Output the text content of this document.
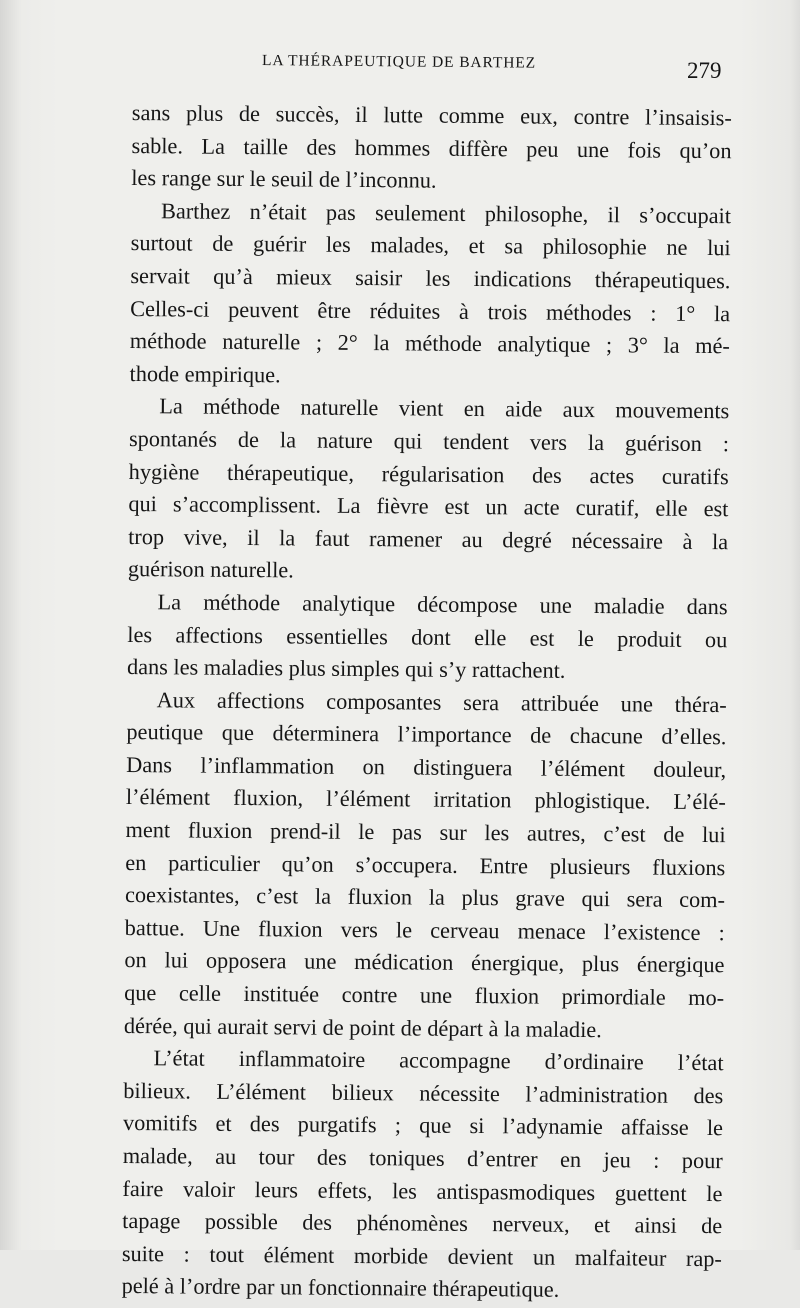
LA THÉRAPEUTIQUE DE BARTHEZ	279
sans plus de succès, il lutte comme eux, contre l’insaisis-
sable. La taille des hommes diffère peu une fois qu’on
les range sur le seuil de l’inconnu.
Barthez n’était pas seulement philosophe, il s’occupait
surtout de guérir les malades, et sa philosophie ne lui
servait qu’à mieux saisir les indications thérapeutiques.
Celles-ci peuvent être réduites à trois méthodes : 1° la
méthode naturelle ; 2° la méthode analytique ; 3° la mé-
thode empirique.
La méthode naturelle vient en aide aux mouvements
spontanés de la nature qui tendent vers la guérison :
hygiène thérapeutique, régularisation des actes curatifs
qui s’accomplissent. La fièvre est un acte curatif, elle est
trop vive, il la faut ramener au degré nécessaire à la
guérison naturelle.
La méthode analytique décompose une maladie dans
les affections essentielles dont elle est le produit ou
dans les maladies plus simples qui s’y rattachent.
Aux affections composantes sera attribuée une théra-
peutique que déterminera l’importance de chacune d’elles.
Dans l’inflammation on distinguera l’élément douleur,
l’élément fluxion, l’élément irritation phlogistique. L’élé-
ment fluxion prend-il le pas sur les autres, c’est de lui
en particulier qu’on s’occupera. Entre plusieurs fluxions
coexistantes, c’est la fluxion la plus grave qui sera com-
battue. Une fluxion vers le cerveau menace l’existence :
on lui opposera une médication énergique, plus énergique
que celle instituée contre une fluxion primordiale mo-
dérée, qui aurait servi de point de départ à la maladie.
L’état inflammatoire accompagne d’ordinaire l’état
bilieux. L’élément bilieux nécessite l’administration des
vomitifs et des purgatifs ; que si l’adynamie affaisse le
malade, au tour des toniques d’entrer en jeu : pour
faire valoir leurs effets, les antispasmodiques guettent le
tapage possible des phénomènes nerveux, et ainsi de
suite : tout élément morbide devient un malfaiteur rap-
pelé à l’ordre par un fonctionnaire thérapeutique.
